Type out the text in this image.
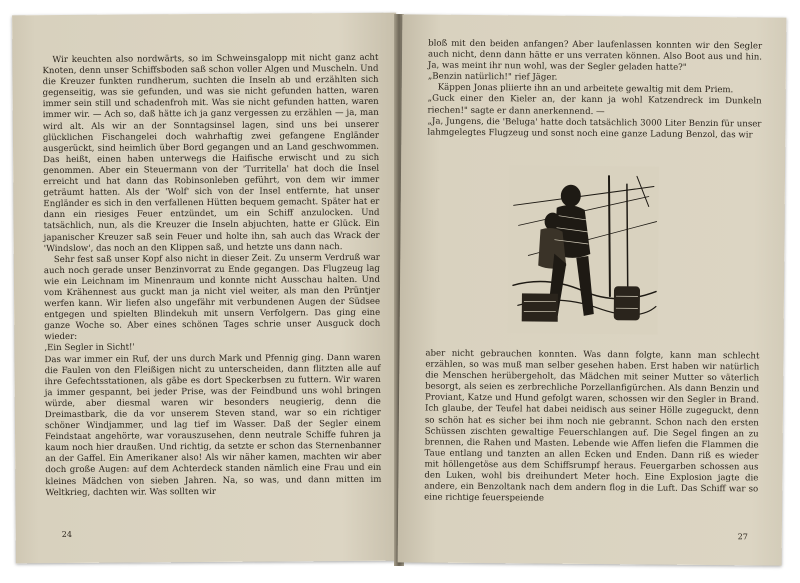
Wir keuchten also nordwärts, so im Schweinsgalopp mit nicht ganz acht Knoten, denn unser Schiffsboden saß schon voller Algen und Muscheln. Und die Kreuzer funkten rundherum, suchten die Inseln ab und erzählten sich gegenseitig, was sie gefunden, und was sie nicht gefunden hatten, waren immer sein still und schadenfroh mit. Was sie nicht gefunden hatten, waren immer wir. — Ach so, daß hätte ich ja ganz vergessen zu erzählen — ja, man wird alt. Als wir an der Sonntagsinsel lagen, sind uns bei unserer glücklichen Fischangelei doch wahrhaftig zwei gefangene Engländer ausgerückt, sind heimlich über Bord gegangen und an Land geschwommen. Das heißt, einen haben unterwegs die Haifische erwischt und zu sich genommen. Aber ein Steuermann von der 'Turritella' hat doch die Insel erreicht und hat dann das Robinsonleben geführt, von dem wir immer geträumt hatten. Als der 'Wolf' sich von der Insel entfernte, hat unser Engländer es sich in den verfallenen Hütten bequem gemacht. Später hat er dann ein riesiges Feuer entzündet, um ein Schiff anzulocken. Und tatsächlich, nun, als die Kreuzer die Inseln abjuchten, hatte er Glück. Ein japanischer Kreuzer saß sein Feuer und holte ihn, sah auch das Wrack der 'Windslow', das noch an den Klippen saß, und hetzte uns dann nach.

Sehr fest saß unser Kopf also nicht in dieser Zeit. Zu unserm Verdruß war auch noch gerade unser Benzinvorrat zu Ende gegangen. Das Flugzeug lag wie ein Leichnam im Minenraum und konnte nicht Ausschau halten. Und vom Krähennest aus guckt man ja nicht viel weiter, als man den Prüntjer werfen kann. Wir liefen also ungefähr mit verbundenen Augen der Südsee entgegen und spielten Blindekuh mit unsern Verfolgern. Das ging eine ganze Woche so. Aber eines schönen Tages schrie unser Ausguck doch wieder:

‚Ein Segler in Sicht!'

Das war immer ein Ruf, der uns durch Mark und Pfennig ging. Dann waren die Faulen von den Fleißigen nicht zu unterscheiden, dann flitzten alle auf ihre Gefechtsstationen, als gäbe es dort Speckerbsen zu futtern. Wir waren ja immer gespannt, bei jeder Prise, was der Feindbund uns wohl bringen würde, aber diesmal waren wir besonders neugierig, denn die Dreimastbark, die da vor unserem Steven stand, war so ein richtiger schöner Windjammer, und lag tief im Wasser. Daß der Segler einem Feindstaat angehörte, war vorauszusehen, denn neutrale Schiffe fuhren ja kaum noch hier draußen. Und richtig, da setzte er schon das Sternenbanner an der Gaffel. Ein Amerikaner also! Als wir näher kamen, machten wir aber doch große Augen: auf dem Achterdeck standen nämlich eine Frau und ein kleines Mädchen von sieben Jahren. Na, so was, und dann mitten im Weltkrieg, dachten wir. Was sollten wir

24

bloß mit den beiden anfangen? Aber laufenlassen konnten wir den Segler auch nicht, denn dann hätte er uns verraten können. Also Boot aus und hin. Ja, was meint ihr nun wohl, was der Segler geladen hatte?"

„Benzin natürlich!" rief Jäger.

Käppen Jonas pliierte ihn an und arbeitete gewaltig mit dem Priem.

„Guck einer den Kieler an, der kann ja wohl Katzendreck im Dunkeln riechen!" sagte er dann anerkennend. —

„Ja, Jungens, die 'Beluga' hatte doch tatsächlich 3000 Liter Benzin für unser lahmgelegtes Flugzeug und sonst noch eine ganze Ladung Benzol, das wir

aber nicht gebrauchen konnten. Was dann folgte, kann man schlecht erzählen, so was muß man selber gesehen haben. Erst haben wir natürlich die Menschen herübergeholt, das Mädchen mit seiner Mutter so väterlich besorgt, als seien es zerbrechliche Porzellanfigürchen. Als dann Benzin und Proviant, Katze und Hund gefolgt waren, schossen wir den Segler in Brand. Ich glaube, der Teufel hat dabei neidisch aus seiner Hölle zugeguckt, denn so schön hat es sicher bei ihm noch nie gebrannt. Schon nach den ersten Schüssen zischten gewaltige Feuerschlangen auf. Die Segel fingen an zu brennen, die Rahen und Masten. Lebende wie Affen liefen die Flammen die Taue entlang und tanzten an allen Ecken und Enden. Dann riß es wieder mit höllengetöse aus dem Schiffsrumpf heraus. Feuergarben schossen aus den Luken, wohl bis dreihundert Meter hoch. Eine Explosion jagte die andere, ein Benzoltank nach dem andern flog in die Luft. Das Schiff war so eine richtige feuerspeiende

27
